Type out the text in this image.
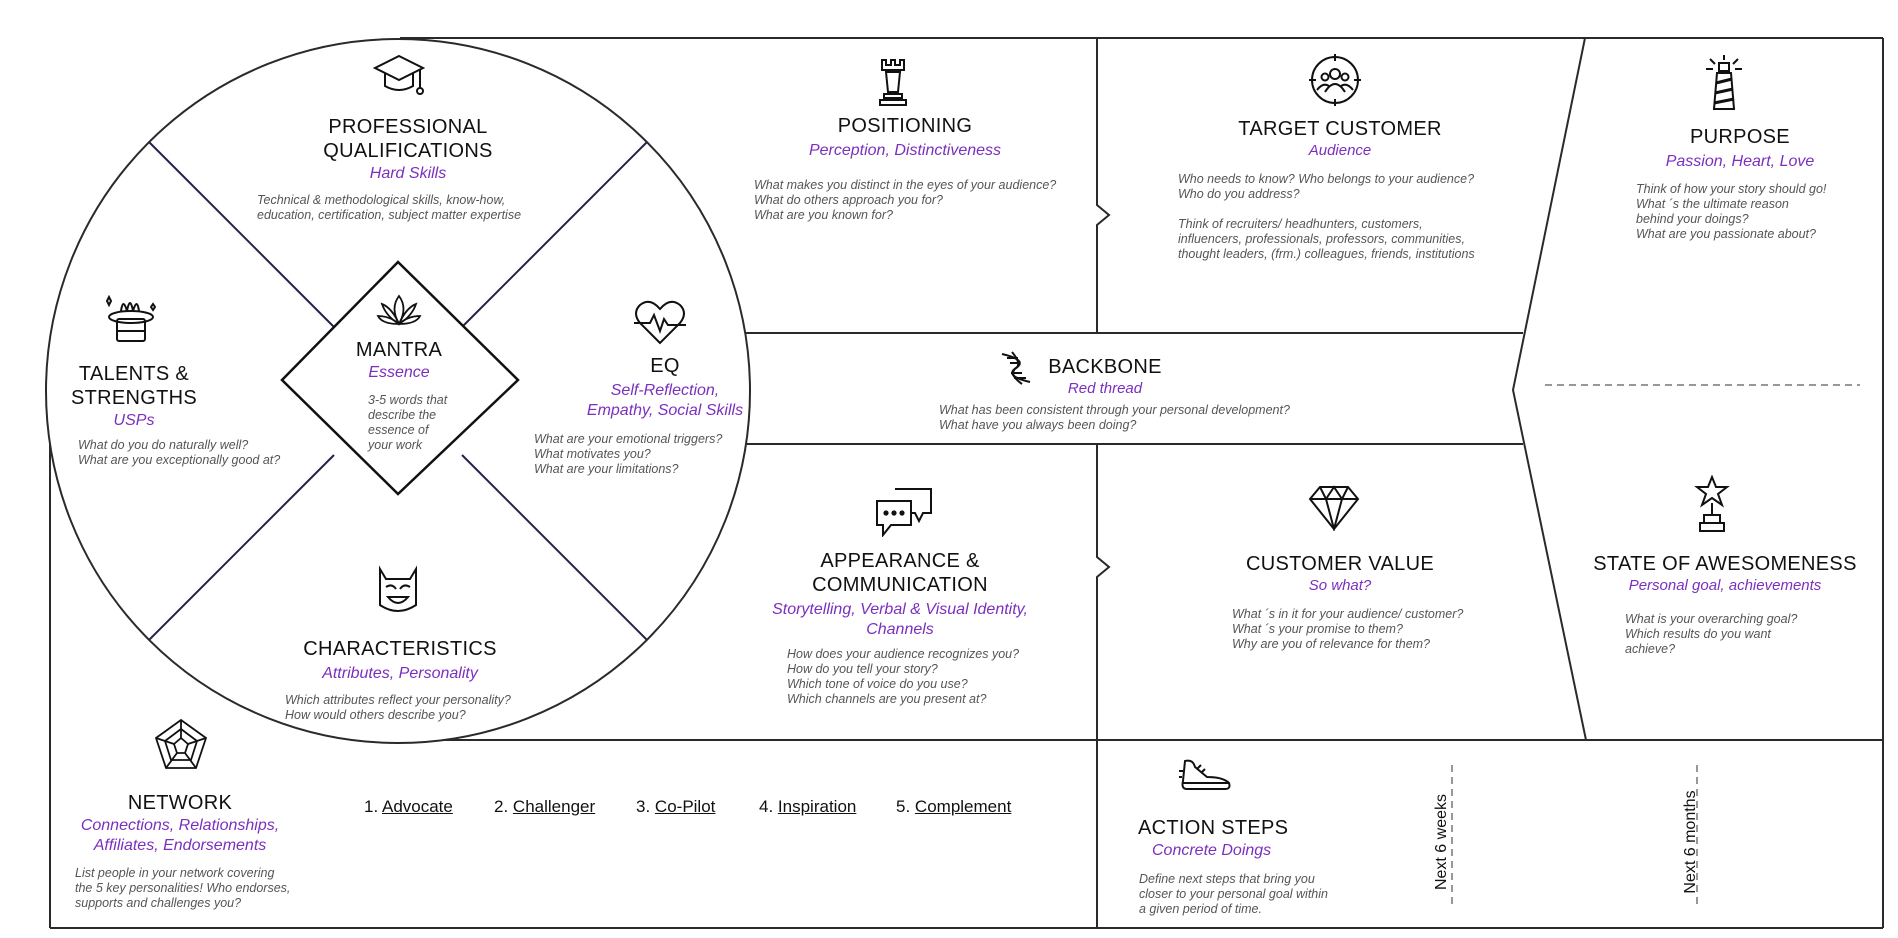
MANTRA
Essence
3-5 words that
describe the
essence of
your work
PROFESSIONAL
QUALIFICATIONS
Hard Skills
Technical & methodological skills, know-how,
education, certification, subject matter expertise
TALENTS &
STRENGTHS
USPs
What do you do naturally well?
What are you exceptionally good at?
EQ
Self-Reflection,
Empathy, Social Skills
What are your emotional triggers?
What motivates you?
What are your limitations?
CHARACTERISTICS
Attributes, Personality
Which attributes reflect your personality?
How would others describe you?
POSITIONING
Perception, Distinctiveness
What makes you distinct in the eyes of your audience?
What do others approach you for?
What are you known for?
TARGET CUSTOMER
Audience
Who needs to know? Who belongs to your audience?
Who do you address?

Think of recruiters/ headhunters, customers,
influencers, professionals, professors, communities,
thought leaders, (frm.) colleagues, friends, institutions
PURPOSE
Passion, Heart, Love
Think of how your story should go!
What ´s the ultimate reason
behind your doings?
What are you passionate about?
BACKBONE
Red thread
What has been consistent through your personal development?
What have you always been doing?
APPEARANCE &
COMMUNICATION
Storytelling, Verbal & Visual Identity,
Channels
How does your audience recognizes you?
How do you tell your story?
Which tone of voice do you use?
Which channels are you present at?
CUSTOMER VALUE
So what?
What ´s in it for your audience/ customer?
What ´s your promise to them?
Why are you of relevance for them?
STATE OF AWESOMENESS
Personal goal, achievements
What is your overarching goal?
Which results do you want
achieve?
NETWORK
Connections, Relationships,
Affiliates, Endorsements
List people in your network covering
the 5 key personalities! Who endorses,
supports and challenges you?
1. Advocate 2. Challenger 3. Co-Pilot	4. Inspiration 5. Complement
ACTION STEPS
Concrete Doings
Define next steps that bring you
closer to your personal goal within
a given period of time.
Next 6 weeks	Next 6 months
